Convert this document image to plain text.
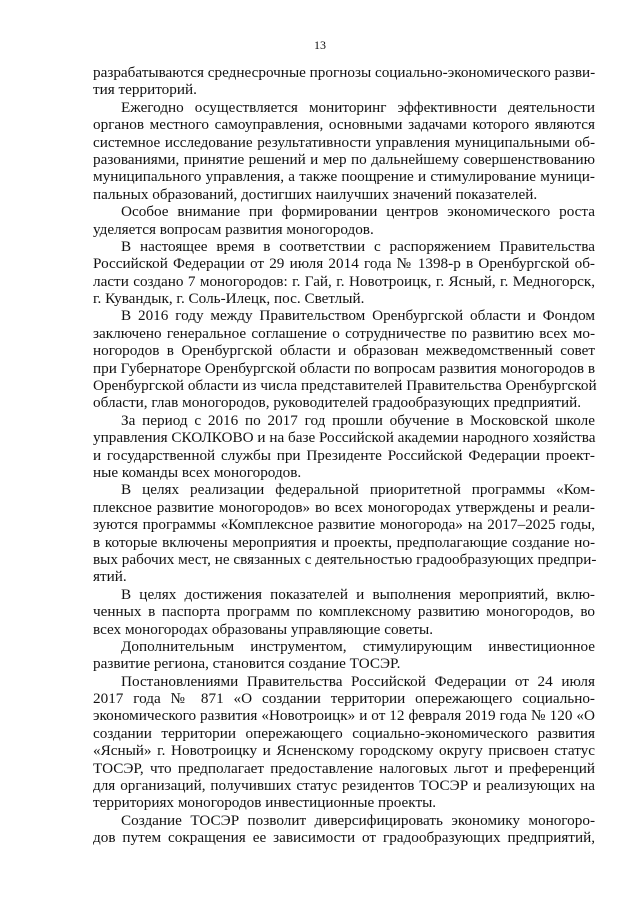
13
разрабатываются среднесрочные прогнозы социально-экономического разви-
тия территорий.
Ежегодно осуществляется мониторинг эффективности деятельности
органов местного самоуправления, основными задачами которого являются
системное исследование результативности управления муниципальными об-
разованиями, принятие решений и мер по дальнейшему совершенствованию
муниципального управления, а также поощрение и стимулирование муници-
пальных образований, достигших наилучших значений показателей.
Особое внимание при формировании центров экономического роста
уделяется вопросам развития моногородов.
В настоящее время в соответствии с распоряжением Правительства
Российской Федерации от 29 июля 2014 года № 1398-р в Оренбургской об-
ласти создано 7 моногородов: г. Гай, г. Новотроицк, г. Ясный, г. Медногорск,
г. Кувандык, г. Соль-Илецк, пос. Светлый.
В 2016 году между Правительством Оренбургской области и Фондом
заключено генеральное соглашение о сотрудничестве по развитию всех мо-
ногородов в Оренбургской области и образован межведомственный совет
при Губернаторе Оренбургской области по вопросам развития моногородов в
Оренбургской области из числа представителей Правительства Оренбургской
области, глав моногородов, руководителей градообразующих предприятий.
За период с 2016 по 2017 год прошли обучение в Московской школе
управления СКОЛКОВО и на базе Российской академии народного хозяйства
и государственной службы при Президенте Российской Федерации проект-
ные команды всех моногородов.
В целях реализации федеральной приоритетной программы «Ком-
плексное развитие моногородов» во всех моногородах утверждены и реали-
зуются программы «Комплексное развитие моногорода» на 2017–2025 годы,
в которые включены мероприятия и проекты, предполагающие создание но-
вых рабочих мест, не связанных с деятельностью градообразующих предпри-
ятий.
В целях достижения показателей и выполнения мероприятий, вклю-
ченных в паспорта программ по комплексному развитию моногородов, во
всех моногородах образованы управляющие советы.
Дополнительным инструментом, стимулирующим инвестиционное
развитие региона, становится создание ТОСЭР.
Постановлениями Правительства Российской Федерации от 24 июля
2017 года № 871 «О создании территории опережающего социально-
экономического развития «Новотроицк» и от 12 февраля 2019 года № 120 «О
создании территории опережающего социально-экономического развития
«Ясный» г. Новотроицку и Ясненскому городскому округу присвоен статус
ТОСЭР, что предполагает предоставление налоговых льгот и преференций
для организаций, получивших статус резидентов ТОСЭР и реализующих на
территориях моногородов инвестиционные проекты.
Создание ТОСЭР позволит диверсифицировать экономику моногоро-
дов путем сокращения ее зависимости от градообразующих предприятий,
